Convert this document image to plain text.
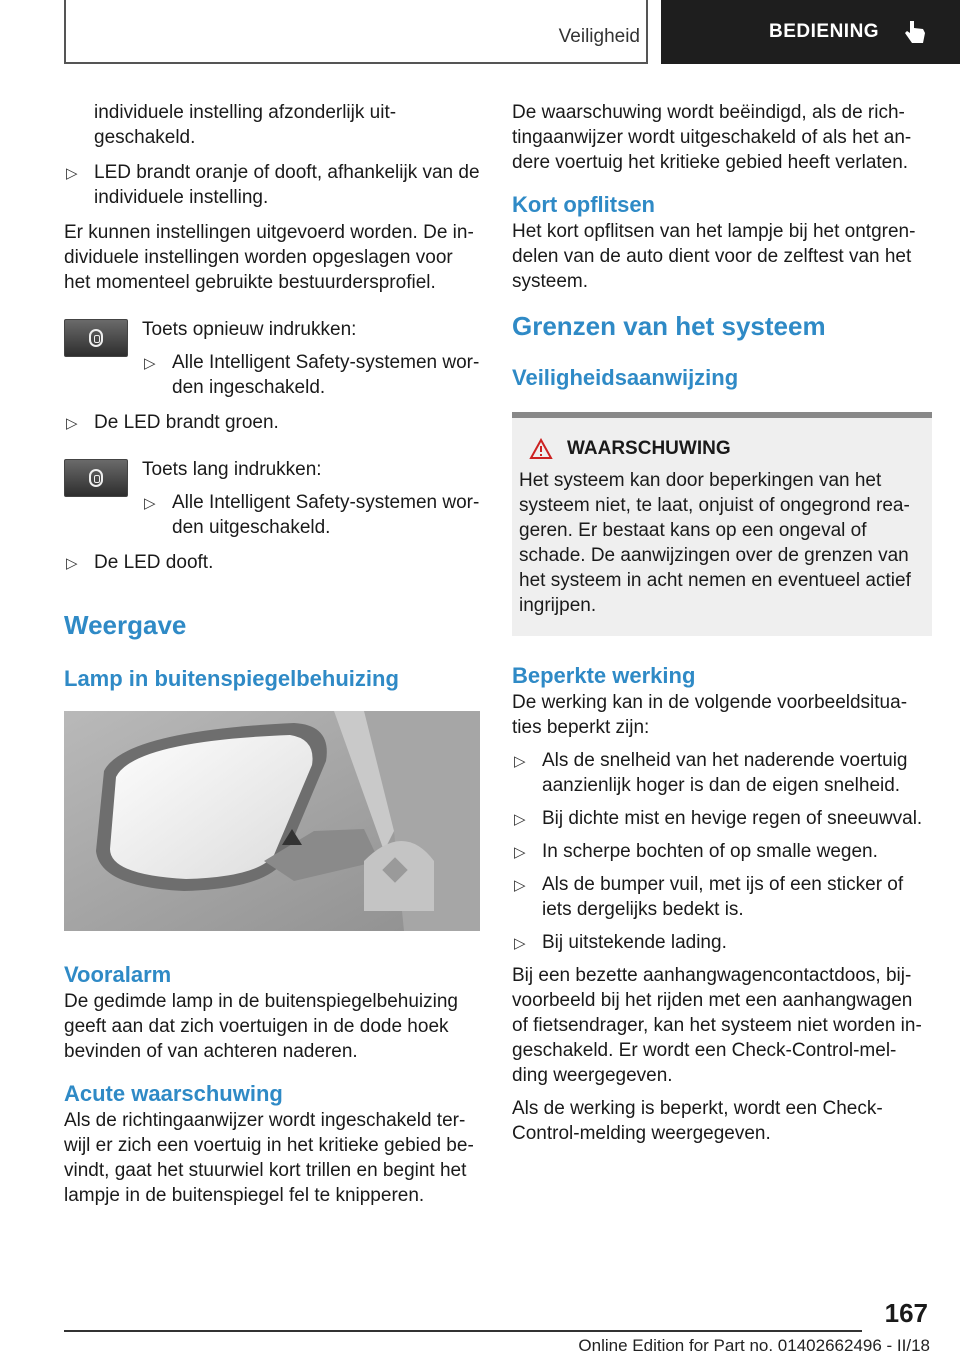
Veiligheid	BEDIENING

individuele instelling afzonderlijk uit-geschakeld.

▷ LED brandt oranje of dooft, afhankelijk van de individuele instelling.

Er kunnen instellingen uitgevoerd worden. De in-dividuele instellingen worden opgeslagen voor het momenteel gebruikte bestuurdersprofiel.

Toets opnieuw indrukken:

▷ Alle Intelligent Safety-systemen wor-den ingeschakeld.
▷ De LED brandt groen.

Toets lang indrukken:

▷ Alle Intelligent Safety-systemen wor-den uitgeschakeld.
▷ De LED dooft.
Weergave
Lamp in buitenspiegelbehuizing
Vooralarm

De gedimde lamp in de buitenspiegelbehuizing geeft aan dat zich voertuigen in de dode hoek bevinden of van achteren naderen.

Acute waarschuwing

Als de richtingaanwijzer wordt ingeschakeld ter-wijl er zich een voertuig in het kritieke gebied be-vindt, gaat het stuurwiel kort trillen en begint het lampje in de buitenspiegel fel te knipperen.

De waarschuwing wordt beëindigd, als de rich-tingaanwijzer wordt uitgeschakeld of als het an-dere voertuig het kritieke gebied heeft verlaten.

Kort opflitsen

Het kort opflitsen van het lampje bij het ontgren-delen van de auto dient voor de zelftest van het systeem.

Grenzen van het systeem
Veiligheidsaanwijzing
WAARSCHUWING

Het systeem kan door beperkingen van het systeem niet, te laat, onjuist of ongegrond rea-geren. Er bestaat kans op een ongeval of schade. De aanwijzingen over de grenzen van het systeem in acht nemen en eventueel actief ingrijpen.

Beperkte werking

De werking kan in de volgende voorbeeldsitua-ties beperkt zijn:

▷ Als de snelheid van het naderende voertuig aanzienlijk hoger is dan de eigen snelheid.
▷ Bij dichte mist en hevige regen of sneeuwval.
▷ In scherpe bochten of op smalle wegen.
▷ Als de bumper vuil, met ijs of een sticker of iets dergelijks bedekt is.
▷ Bij uitstekende lading.

Bij een bezette aanhangwagencontactdoos, bij-voorbeeld bij het rijden met een aanhangwagen of fietsendrager, kan het systeem niet worden in-geschakeld. Er wordt een Check-Control-mel-ding weergegeven.

Als de werking is beperkt, wordt een Check-Control-melding weergegeven.

167
Online Edition for Part no. 01402662496 - II/18
